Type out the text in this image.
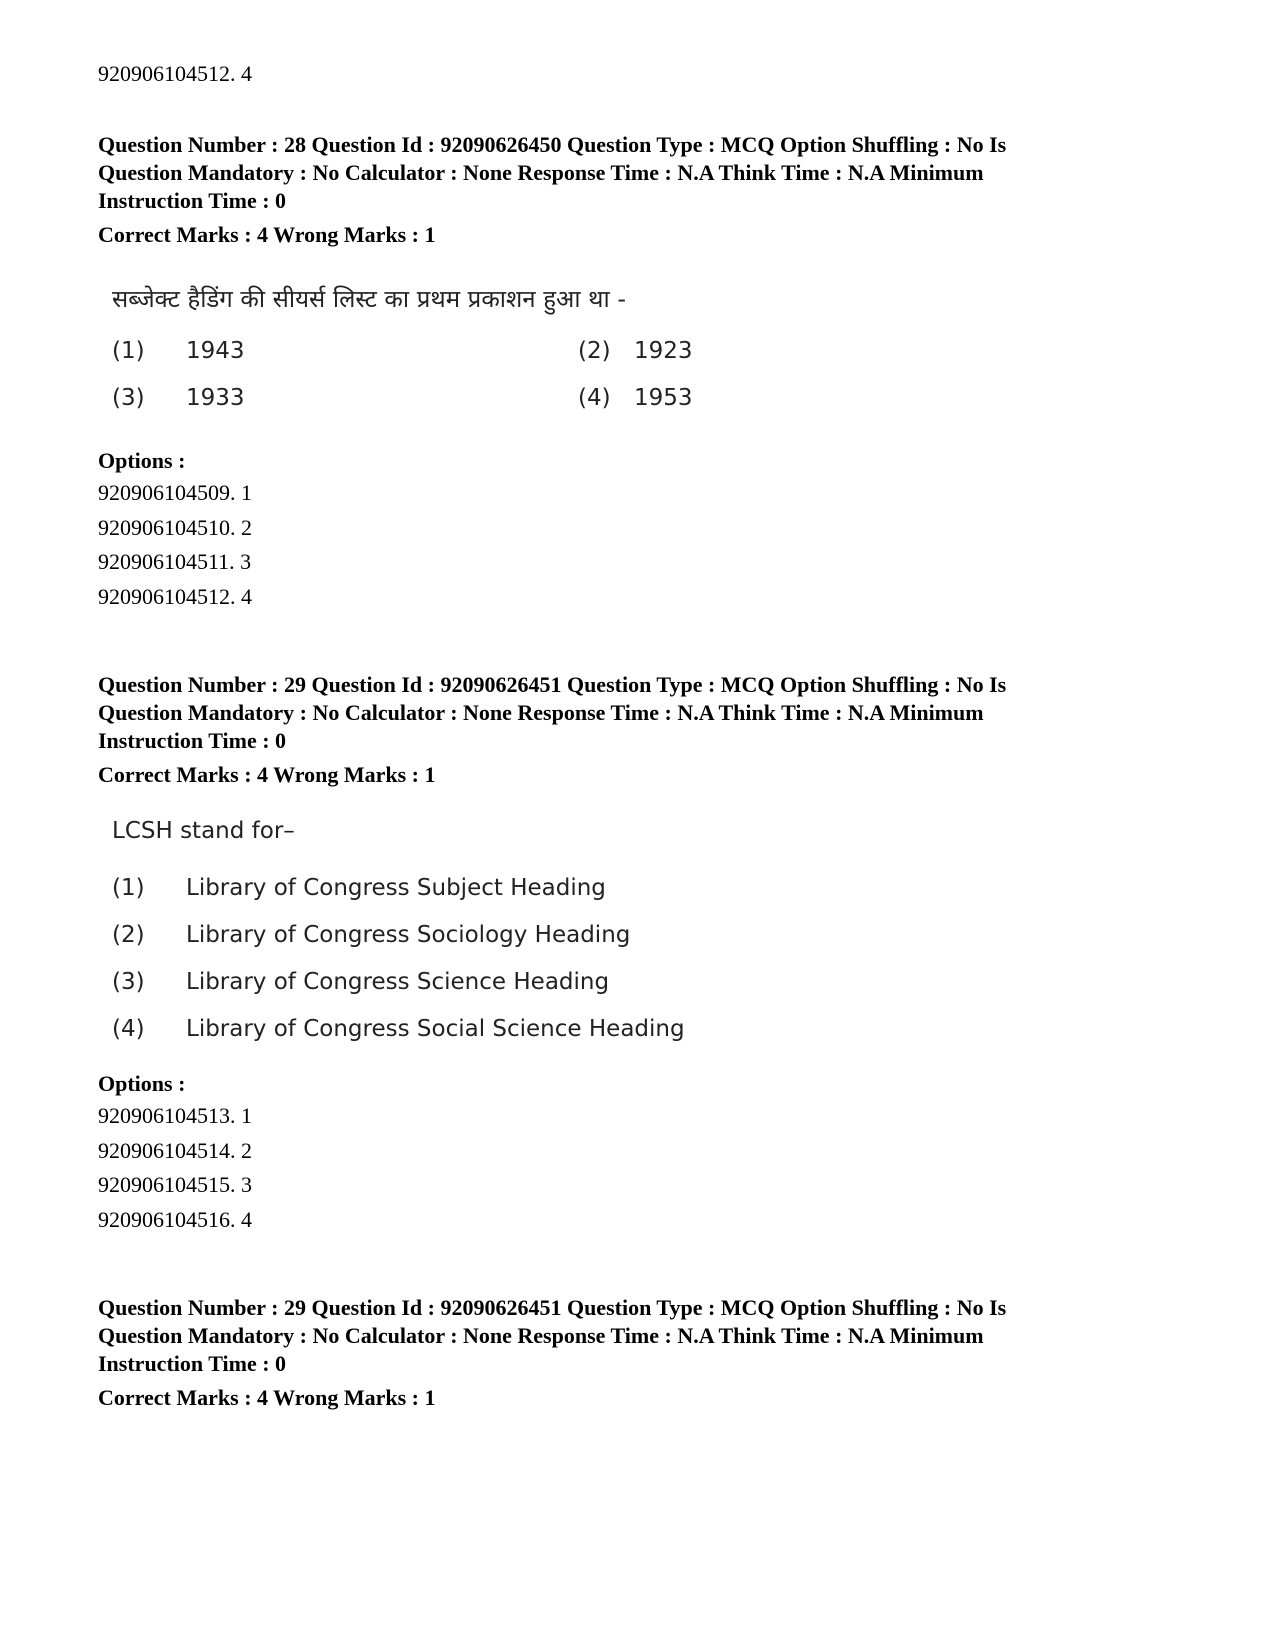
920906104512. 4
Question Number : 28 Question Id : 92090626450 Question Type : MCQ Option Shuffling : No Is
Question Mandatory : No Calculator : None Response Time : N.A Think Time : N.A Minimum
Instruction Time : 0
Correct Marks : 4 Wrong Marks : 1
सब्जेक्ट हैडिंग की सीयर्स लिस्ट का प्रथम प्रकाशन हुआ था -
(1) 1943	(2) 1923
(3) 1933	(4) 1953
Options :
920906104509. 1
920906104510. 2
920906104511. 3
920906104512. 4
Question Number : 29 Question Id : 92090626451 Question Type : MCQ Option Shuffling : No Is
Question Mandatory : No Calculator : None Response Time : N.A Think Time : N.A Minimum
Instruction Time : 0
Correct Marks : 4 Wrong Marks : 1
LCSH stand for–
(1) Library of Congress Subject Heading
(2) Library of Congress Sociology Heading
(3) Library of Congress Science Heading
(4) Library of Congress Social Science Heading
Options :
920906104513. 1
920906104514. 2
920906104515. 3
920906104516. 4
Question Number : 29 Question Id : 92090626451 Question Type : MCQ Option Shuffling : No Is
Question Mandatory : No Calculator : None Response Time : N.A Think Time : N.A Minimum
Instruction Time : 0
Correct Marks : 4 Wrong Marks : 1
